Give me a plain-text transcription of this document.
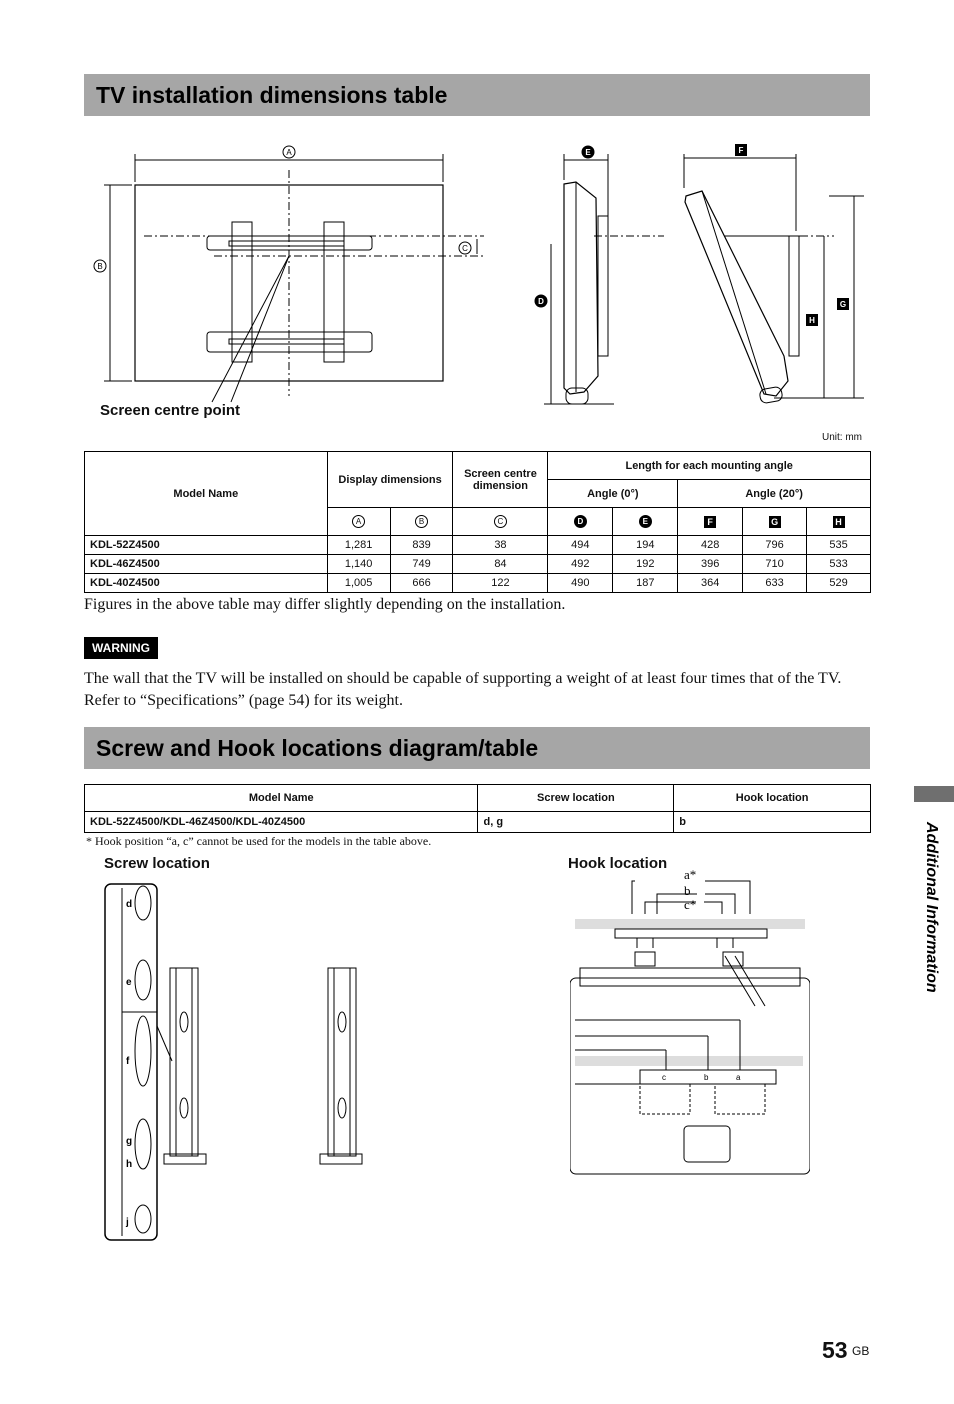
TV installation dimensions table
A
B
C
D
E	F
G
H
Screen centre point
Unit: mm
Model Name	Display dimensions		Screen centre dimension	Length for each mounting angle				
				Angle (0°)		Angle (20°)		
	A	B	C	D	E	F	G	H
KDL-52Z4500	1,281	839	38	494	194	428	796	535
KDL-46Z4500	1,140	749	84	492	192	396	710	533
KDL-40Z4500	1,005	666	122	490	187	364	633	529
Figures in the above table may differ slightly depending on the installation.
WARNING
The wall that the TV will be installed on should be capable of supporting a weight of at least four times that of the TV. Refer to “Specifications” (page 54) for its weight.
Screw and Hook locations diagram/table
Model Name	Screw location	Hook location
KDL-52Z4500/KDL-46Z4500/KDL-40Z4500	d, g	b
* Hook position “a, c” cannot be used for the models in the table above.
Screw location	Hook location
d
e
f
g
h
j
a*
b
c*
c	b	a
Additional Information
53 GB
